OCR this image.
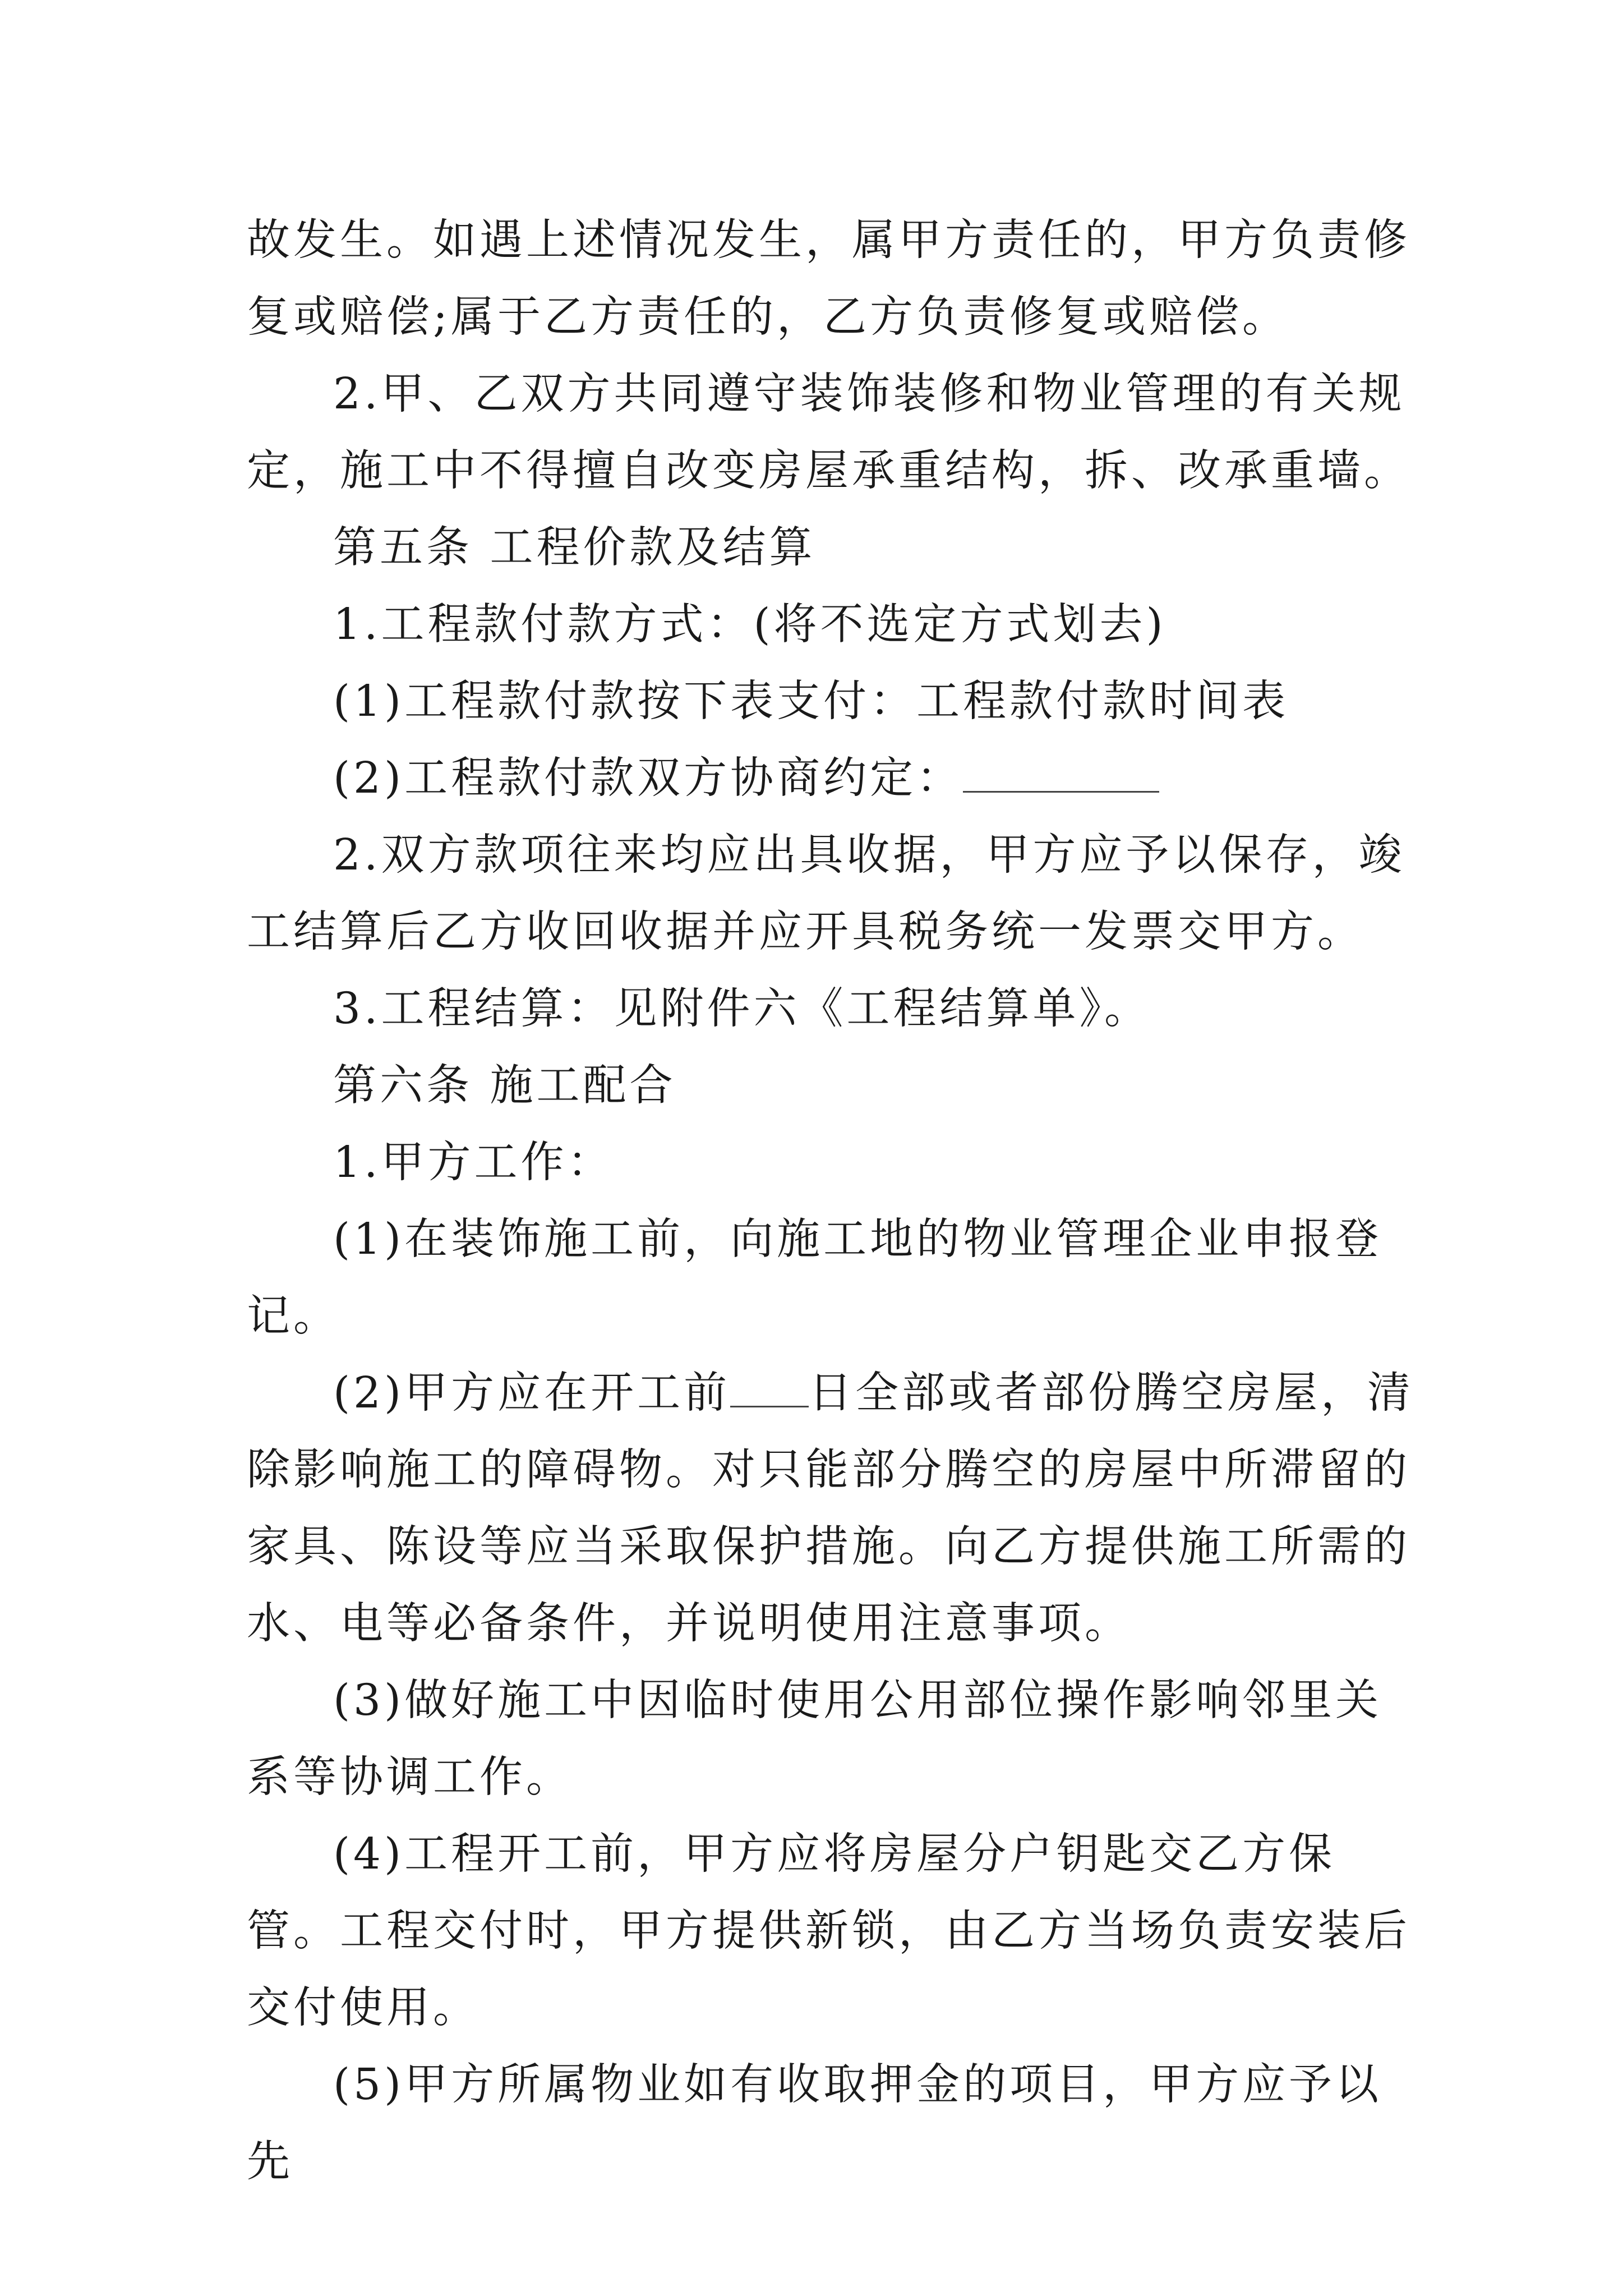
故发生。如遇上述情况发生，属甲方责任的，甲方负责修复或赔偿;属于乙方责任的，乙方负责修复或赔偿。

2.甲、乙双方共同遵守装饰装修和物业管理的有关规定，施工中不得擅自改变房屋承重结构，拆、改承重墙。

第五条 工程价款及结算

1.工程款付款方式：(将不选定方式划去)

(1)工程款付款按下表支付：工程款付款时间表

(2)工程款付款双方协商约定：

2.双方款项往来均应出具收据，甲方应予以保存，竣工结算后乙方收回收据并应开具税务统一发票交甲方。

3.工程结算：见附件六《工程结算单》。

第六条 施工配合

1.甲方工作：

(1)在装饰施工前，向施工地的物业管理企业申报登记。

(2)甲方应在开工前 日全部或者部份腾空房屋，清除影响施工的障碍物。对只能部分腾空的房屋中所滞留的家具、陈设等应当采取保护措施。向乙方提供施工所需的水、电等必备条件，并说明使用注意事项。

(3)做好施工中因临时使用公用部位操作影响邻里关系等协调工作。

(4)工程开工前，甲方应将房屋分户钥匙交乙方保管。工程交付时，甲方提供新锁，由乙方当场负责安装后交付使用。

(5)甲方所属物业如有收取押金的项目，甲方应予以先
